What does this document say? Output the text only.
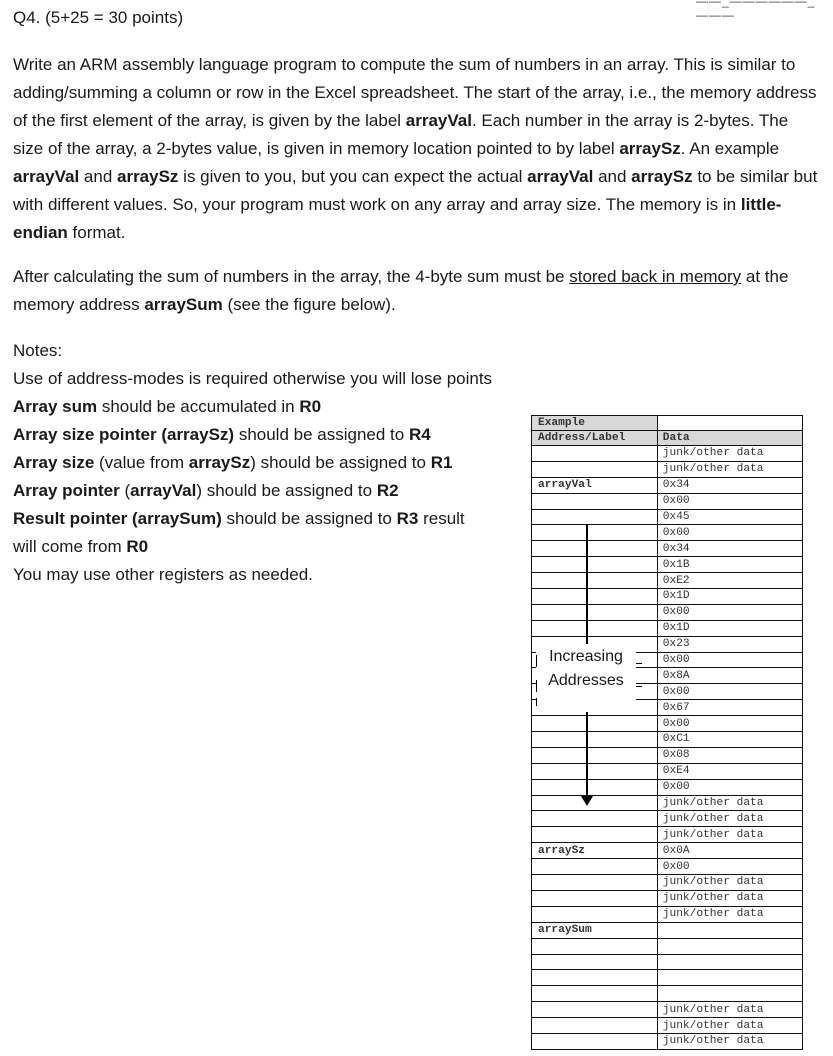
——_——————_———
Q4. (5+25 = 30 points)

Write an ARM assembly language program to compute the sum of numbers in an array. This is similar to adding/summing a column or row in the Excel spreadsheet. The start of the array, i.e., the memory address of the first element of the array, is given by the label arrayVal. Each number in the array is 2-bytes. The size of the array, a 2-bytes value, is given in memory location pointed to by label arraySz. An example arrayVal and arraySz is given to you, but you can expect the actual arrayVal and arraySz to be similar but with different values. So, your program must work on any array and array size. The memory is in little-endian format.

After calculating the sum of numbers in the array, the 4-byte sum must be stored back in memory at the memory address arraySum (see the figure below).

Notes:
Use of address-modes is required otherwise you will lose points
Array sum should be accumulated in R0
Array size pointer (arraySz) should be assigned to R4
Array size (value from arraySz) should be assigned to R1
Array pointer (arrayVal) should be assigned to R2
Result pointer (arraySum) should be assigned to R3 result
will come from R0
You may use other registers as needed.
Example	
Address/Label	Data
	junk/other data
	junk/other data
arrayVal	0x34
	0x00
	0x45
	0x00
	0x34
	0x1B
	0xE2
	0x1D
	0x00
	0x1D
	0x23
	0x00
	0x8A
	0x00
	0x67
	0x00
	0xC1
	0x08
	0xE4
	0x00
	junk/other data
	junk/other data
	junk/other data
arraySz	0x0A
	0x00
	junk/other data
	junk/other data
	junk/other data
arraySum	

	junk/other data
	junk/other data
	junk/other data
Increasing
Addresses
